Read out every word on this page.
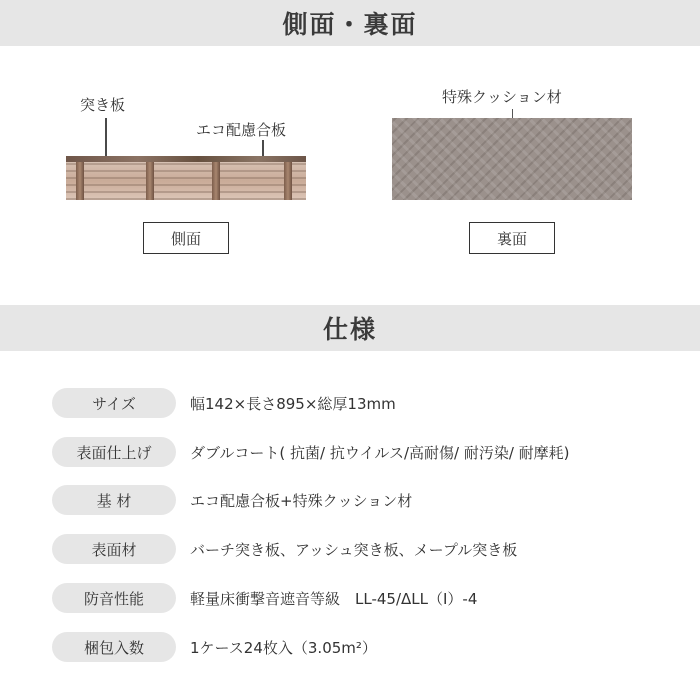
側面・裏面
突き板
エコ配慮合板
側面
特殊クッション材
裏面
仕様
サイズ	幅142×長さ895×総厚13mm
表面仕上げ	ダブルコート( 抗菌/ 抗ウイルス/高耐傷/ 耐汚染/ 耐摩耗)
基 材	エコ配慮合板+特殊クッション材
表面材	バーチ突き板、アッシュ突き板、メープル突き板
防音性能	軽量床衝撃音遮音等級　LL-45/ΔLL（Ⅰ）-4
梱包入数	1ケース24枚入（3.05m²）
